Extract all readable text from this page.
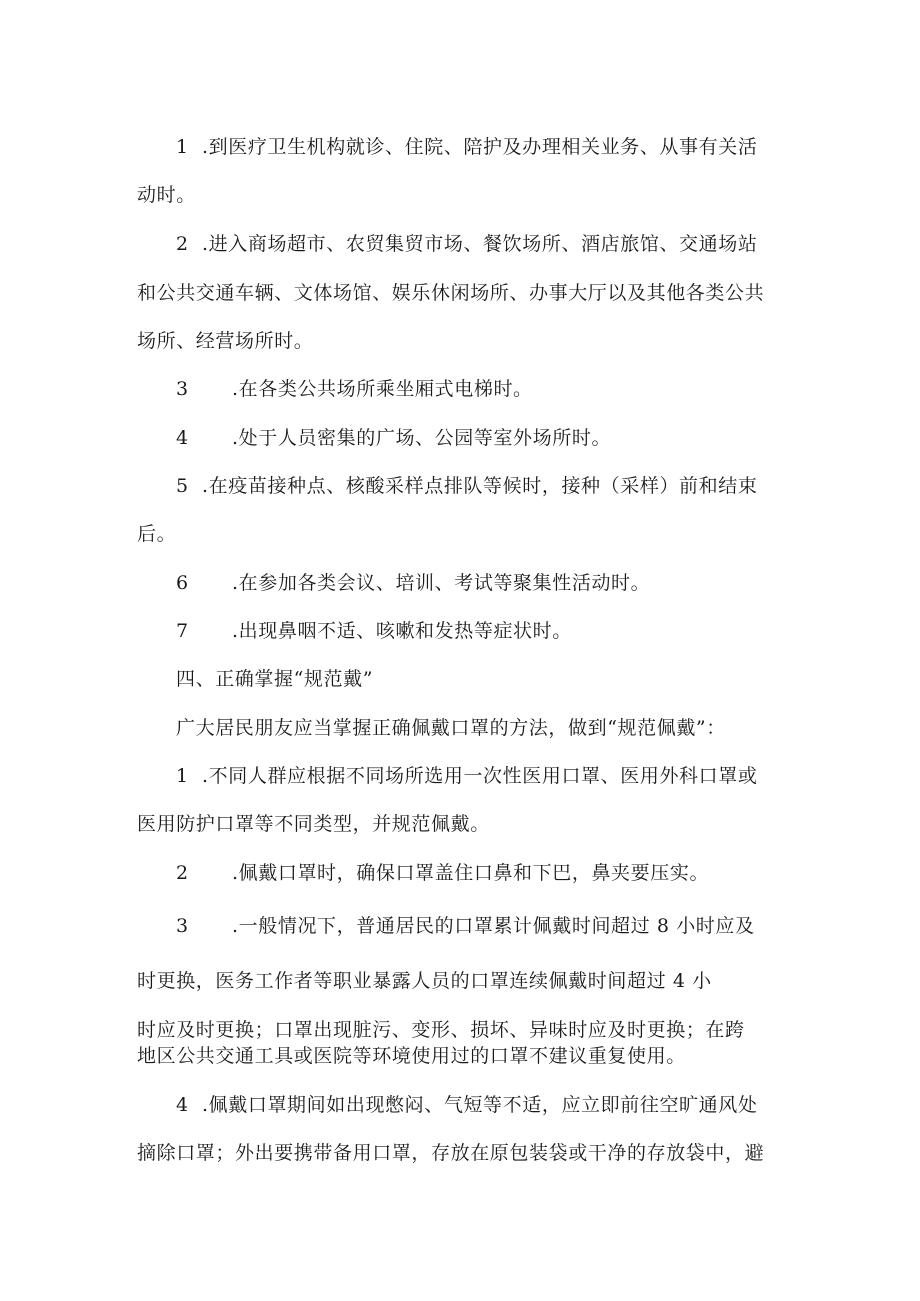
1 .到医疗卫生机构就诊、住院、陪护及办理相关业务、从事有关活
动时。
2 .进入商场超市、农贸集贸市场、餐饮场所、酒店旅馆、交通场站
和公共交通车辆、文体场馆、娱乐休闲场所、办事大厅以及其他各类公共
场所、经营场所时。
3 .在各类公共场所乘坐厢式电梯时。
4 .处于人员密集的广场、公园等室外场所时。
5 .在疫苗接种点、核酸采样点排队等候时，接种（采样）前和结束
后。
6 .在参加各类会议、培训、考试等聚集性活动时。
7 .出现鼻咽不适、咳嗽和发热等症状时。
四、正确掌握“规范戴”
广大居民朋友应当掌握正确佩戴口罩的方法，做到“规范佩戴”：
1 .不同人群应根据不同场所选用一次性医用口罩、医用外科口罩或
医用防护口罩等不同类型，并规范佩戴。
2 .佩戴口罩时，确保口罩盖住口鼻和下巴，鼻夹要压实。
3 .一般情况下，普通居民的口罩累计佩戴时间超过 8 小时应及
时更换，医务工作者等职业暴露人员的口罩连续佩戴时间超过 4 小
时应及时更换；口罩出现脏污、变形、损坏、异味时应及时更换；在跨
地区公共交通工具或医院等环境使用过的口罩不建议重复使用。
4 .佩戴口罩期间如出现憋闷、气短等不适，应立即前往空旷通风处
摘除口罩；外出要携带备用口罩，存放在原包装袋或干净的存放袋中，避
